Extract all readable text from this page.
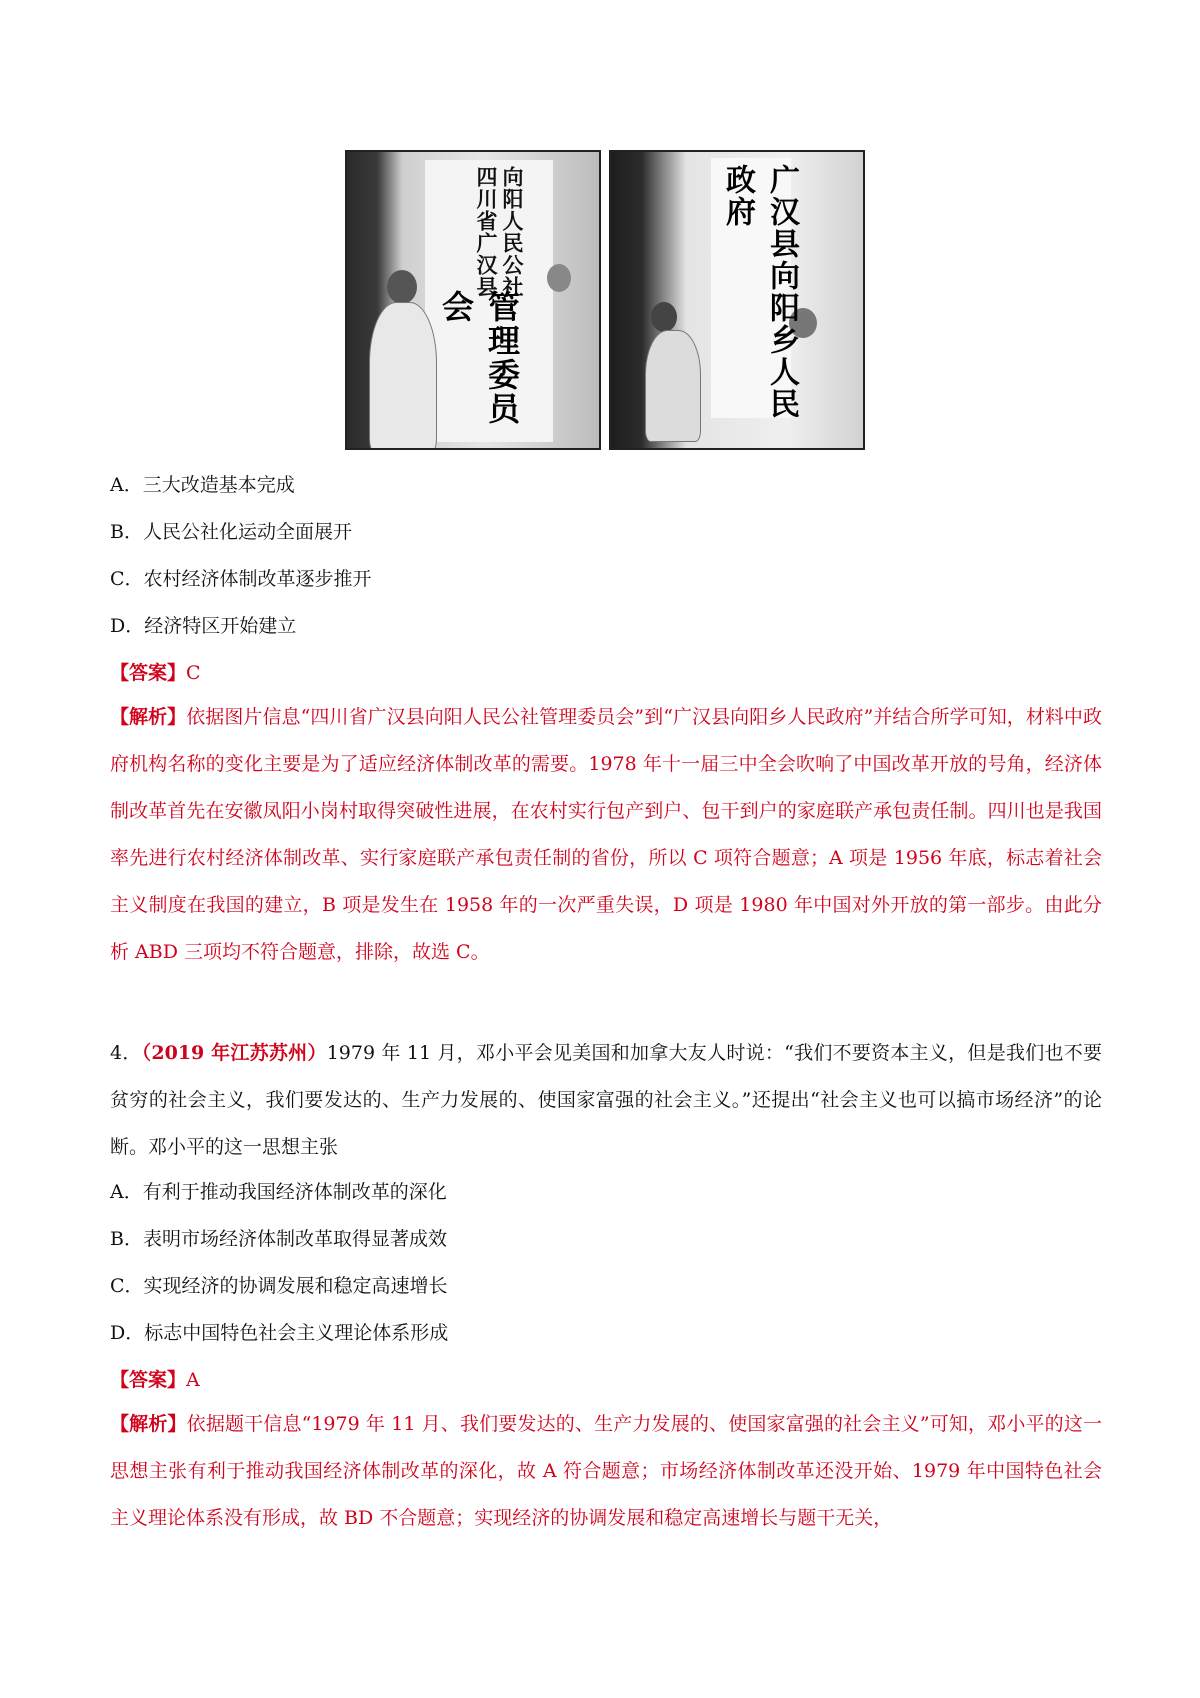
向阳人民公社
四川省广汉县
管理委员会	广汉县向阳乡人民政府
A．三大改造基本完成
B．人民公社化运动全面展开
C．农村经济体制改革逐步推开
D．经济特区开始建立
【答案】C
【解析】依据图片信息“四川省广汉县向阳人民公社管理委员会”到“广汉县向阳乡人民政府”并结合所学可知，材料中政府机构名称的变化主要是为了适应经济体制改革的需要。1978 年十一届三中全会吹响了中国改革开放的号角，经济体制改革首先在安徽凤阳小岗村取得突破性进展，在农村实行包产到户、包干到户的家庭联产承包责任制。四川也是我国率先进行农村经济体制改革、实行家庭联产承包责任制的省份，所以 C 项符合题意；A 项是 1956 年底，标志着社会主义制度在我国的建立，B 项是发生在 1958 年的一次严重失误，D 项是 1980 年中国对外开放的第一部步。由此分析 ABD 三项均不符合题意，排除，故选 C。
4．（2019 年江苏苏州）1979 年 11 月，邓小平会见美国和加拿大友人时说：“我们不要资本主义，但是我们也不要贫穷的社会主义，我们要发达的、生产力发展的、使国家富强的社会主义。”还提出“社会主义也可以搞市场经济”的论断。邓小平的这一思想主张
A．有利于推动我国经济体制改革的深化
B．表明市场经济体制改革取得显著成效
C．实现经济的协调发展和稳定高速增长
D．标志中国特色社会主义理论体系形成
【答案】A
【解析】依据题干信息“1979 年 11 月、我们要发达的、生产力发展的、使国家富强的社会主义”可知，邓小平的这一思想主张有利于推动我国经济体制改革的深化，故 A 符合题意；市场经济体制改革还没开始、1979 年中国特色社会主义理论体系没有形成，故 BD 不合题意；实现经济的协调发展和稳定高速增长与题干无关，
